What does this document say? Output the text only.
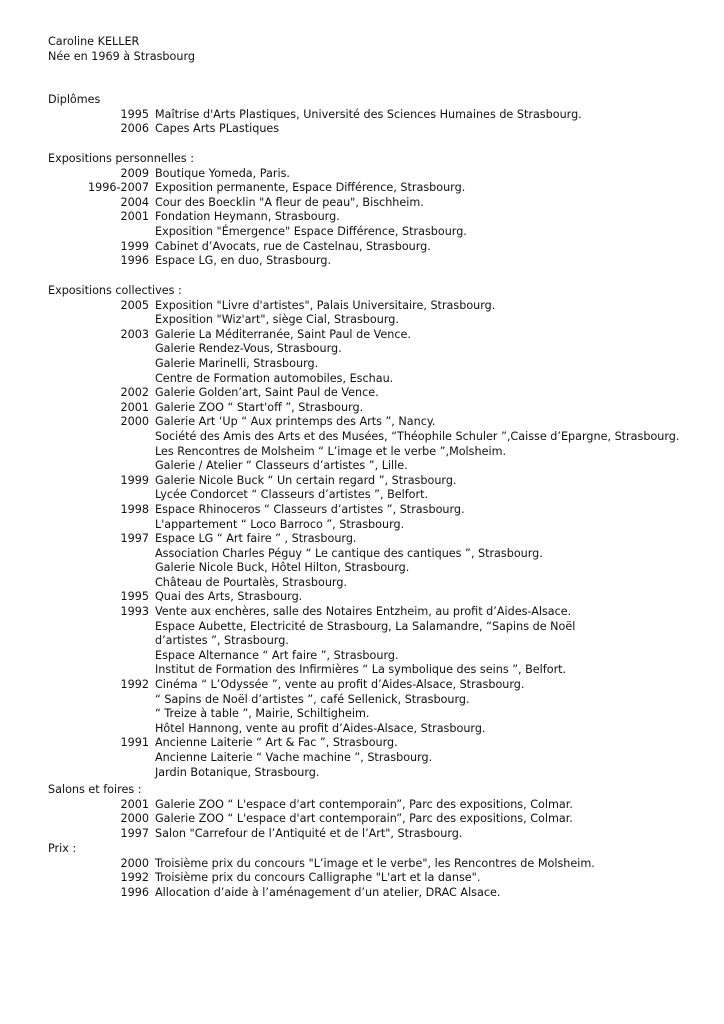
Caroline KELLER
Née en 1969 à Strasbourg
Diplômes
1995 Maîtrise d'Arts Plastiques, Université des Sciences Humaines de Strasbourg.
2006 Capes Arts PLastiques
Expositions personnelles :
2009 Boutique Yomeda, Paris.
1996-2007 Exposition permanente, Espace Différence, Strasbourg.
2004 Cour des Boecklin "A fleur de peau", Bischheim.
2001 Fondation Heymann, Strasbourg.
Exposition "Émergence" Espace Différence, Strasbourg.
1999 Cabinet d’Avocats, rue de Castelnau, Strasbourg.
1996 Espace LG, en duo, Strasbourg.
Expositions collectives :
2005 Exposition "Livre d'artistes", Palais Universitaire, Strasbourg.
Exposition "Wiz'art", siège Cial, Strasbourg.
2003 Galerie La Méditerranée, Saint Paul de Vence.
Galerie Rendez-Vous, Strasbourg.
Galerie Marinelli, Strasbourg.
Centre de Formation automobiles, Eschau.
2002 Galerie Golden’art, Saint Paul de Vence.
2001 Galerie ZOO “ Start'off ”, Strasbourg.
2000 Galerie Art ‘Up “ Aux printemps des Arts ”, Nancy.
Société des Amis des Arts et des Musées, “Théophile Schuler ”,Caisse d’Epargne, Strasbourg.
Les Rencontres de Molsheim “ L’image et le verbe ”,Molsheim.
Galerie / Atelier “ Classeurs d’artistes ”, Lille.
1999 Galerie Nicole Buck “ Un certain regard ”, Strasbourg.
Lycée Condorcet “ Classeurs d’artistes ”, Belfort.
1998 Espace Rhinoceros “ Classeurs d’artistes ”, Strasbourg.
L'appartement “ Loco Barroco ”, Strasbourg.
1997 Espace LG “ Art faire ” , Strasbourg.
Association Charles Péguy “ Le cantique des cantiques ”, Strasbourg.
Galerie Nicole Buck, Hôtel Hilton, Strasbourg.
Château de Pourtalès, Strasbourg.
1995 Quai des Arts, Strasbourg.
1993 Vente aux enchères, salle des Notaires Entzheim, au profit d’Aides-Alsace.
Espace Aubette, Electricité de Strasbourg, La Salamandre, “Sapins de Noël d’artistes ”, Strasbourg.
Espace Alternance “ Art faire ”, Strasbourg.
Institut de Formation des Infirmières “ La symbolique des seins ”, Belfort.
1992 Cinéma “ L’Odyssée ”, vente au profit d’Aides-Alsace, Strasbourg.
“ Sapins de Noël d’artistes ”, café Sellenick, Strasbourg.
“ Treize à table ”, Mairie, Schiltigheim.
Hôtel Hannong, vente au profit d’Aides-Alsace, Strasbourg.
1991 Ancienne Laiterie “ Art & Fac ”, Strasbourg.
Ancienne Laiterie “ Vache machine ”, Strasbourg.
Jardin Botanique, Strasbourg.
Salons et foires :
2001 Galerie ZOO “ L'espace d'art contemporain”, Parc des expositions, Colmar.
2000 Galerie ZOO “ L'espace d'art contemporain”, Parc des expositions, Colmar.
1997 Salon "Carrefour de l’Antiquité et de l’Art", Strasbourg.
Prix :
2000 Troisième prix du concours "L’image et le verbe", les Rencontres de Molsheim.
1992 Troisième prix du concours Calligraphe "L'art et la danse".
1996 Allocation d’aide à l’aménagement d’un atelier, DRAC Alsace.
